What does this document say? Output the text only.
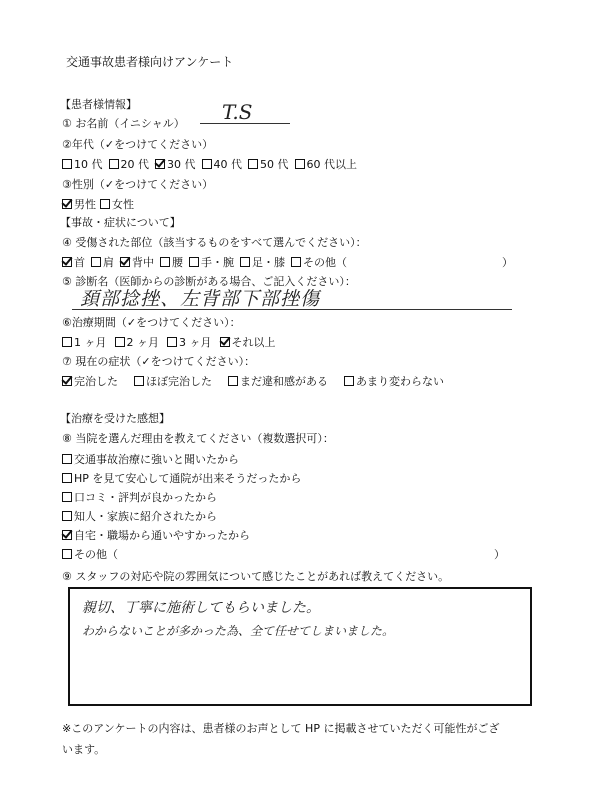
交通事故患者様向けアンケート
【患者様情報】
① お名前（イニシャル） T.S
②年代（✓をつけてください）
10 代 20 代 30 代 40 代 50 代 60 代以上
③性別（✓をつけてください）
男性 女性
【事故・症状について】
④ 受傷された部位（該当するものをすべて選んでください）：
首 肩 背中 腰 手・腕 足・膝 その他（	）
⑤ 診断名（医師からの診断がある場合、ご記入ください）：
頚部捻挫、左背部下部挫傷
⑥治療期間（✓をつけてください）：
1 ヶ月 2 ヶ月 3 ヶ月 それ以上
⑦ 現在の症状（✓をつけてください）：
完治した	ほぼ完治した	まだ違和感がある	あまり変わらない
【治療を受けた感想】
⑧ 当院を選んだ理由を教えてください（複数選択可）：
交通事故治療に強いと聞いたから
HP を見て安心して通院が出来そうだったから
口コミ・評判が良かったから
知人・家族に紹介されたから
自宅・職場から通いやすかったから
その他（	）
⑨ スタッフの対応や院の雰囲気について感じたことがあれば教えてください。
親切、丁寧に施術してもらいました。
わからないことが多かった為、全て任せてしまいました。
※このアンケートの内容は、患者様のお声として HP に掲載させていただく可能性がござ
います。
